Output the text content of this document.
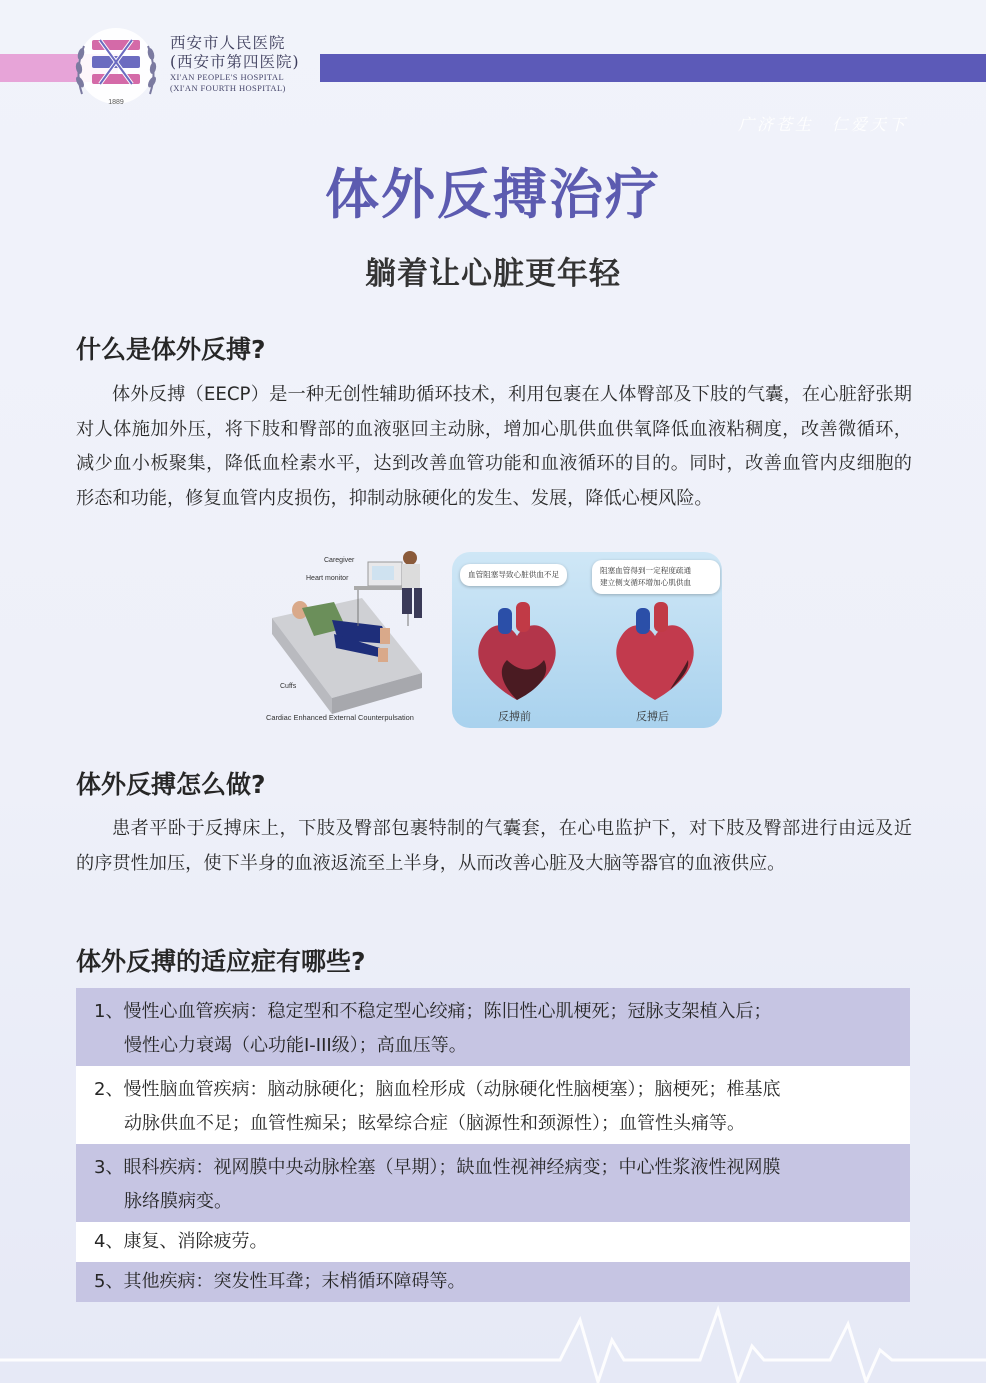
广济苍生 仁爱天下
1889
西安市人民医院
(西安市第四医院)
XI'AN PEOPLE'S HOSPITAL
(XI'AN FOURTH HOSPITAL)
体外反搏治疗
躺着让心脏更年轻
什么是体外反搏?
体外反搏（EECP）是一种无创性辅助循环技术，利用包裹在人体臀部及下肢的气囊，在心脏舒张期对人体施加外压，将下肢和臀部的血液驱回主动脉，增加心肌供血供氧降低血液粘稠度，改善微循环，减少血小板聚集，降低血栓素水平，达到改善血管功能和血液循环的目的。同时，改善血管内皮细胞的形态和功能，修复血管内皮损伤，抑制动脉硬化的发生、发展，降低心梗风险。
Caregiver
Heart monitor
Cuffs
Cardiac Enhanced External Counterpulsation
血管阻塞导致心脏供血不足	阻塞血管得到一定程度疏通
建立侧支循环增加心肌供血
反搏前	反搏后
体外反搏怎么做?
患者平卧于反搏床上，下肢及臀部包裹特制的气囊套，在心电监护下，对下肢及臀部进行由远及近的序贯性加压，使下半身的血液返流至上半身，从而改善心脏及大脑等器官的血液供应。
体外反搏的适应症有哪些?
1、慢性心血管疾病：稳定型和不稳定型心绞痛；陈旧性心肌梗死；冠脉支架植入后；
慢性心力衰竭（心功能I-III级）；高血压等。
2、慢性脑血管疾病：脑动脉硬化；脑血栓形成（动脉硬化性脑梗塞）；脑梗死；椎基底
动脉供血不足；血管性痴呆；眩晕综合症（脑源性和颈源性）；血管性头痛等。
3、眼科疾病：视网膜中央动脉栓塞（早期）；缺血性视神经病变；中心性浆液性视网膜
脉络膜病变。
4、康复、消除疲劳。
5、其他疾病：突发性耳聋；末梢循环障碍等。
